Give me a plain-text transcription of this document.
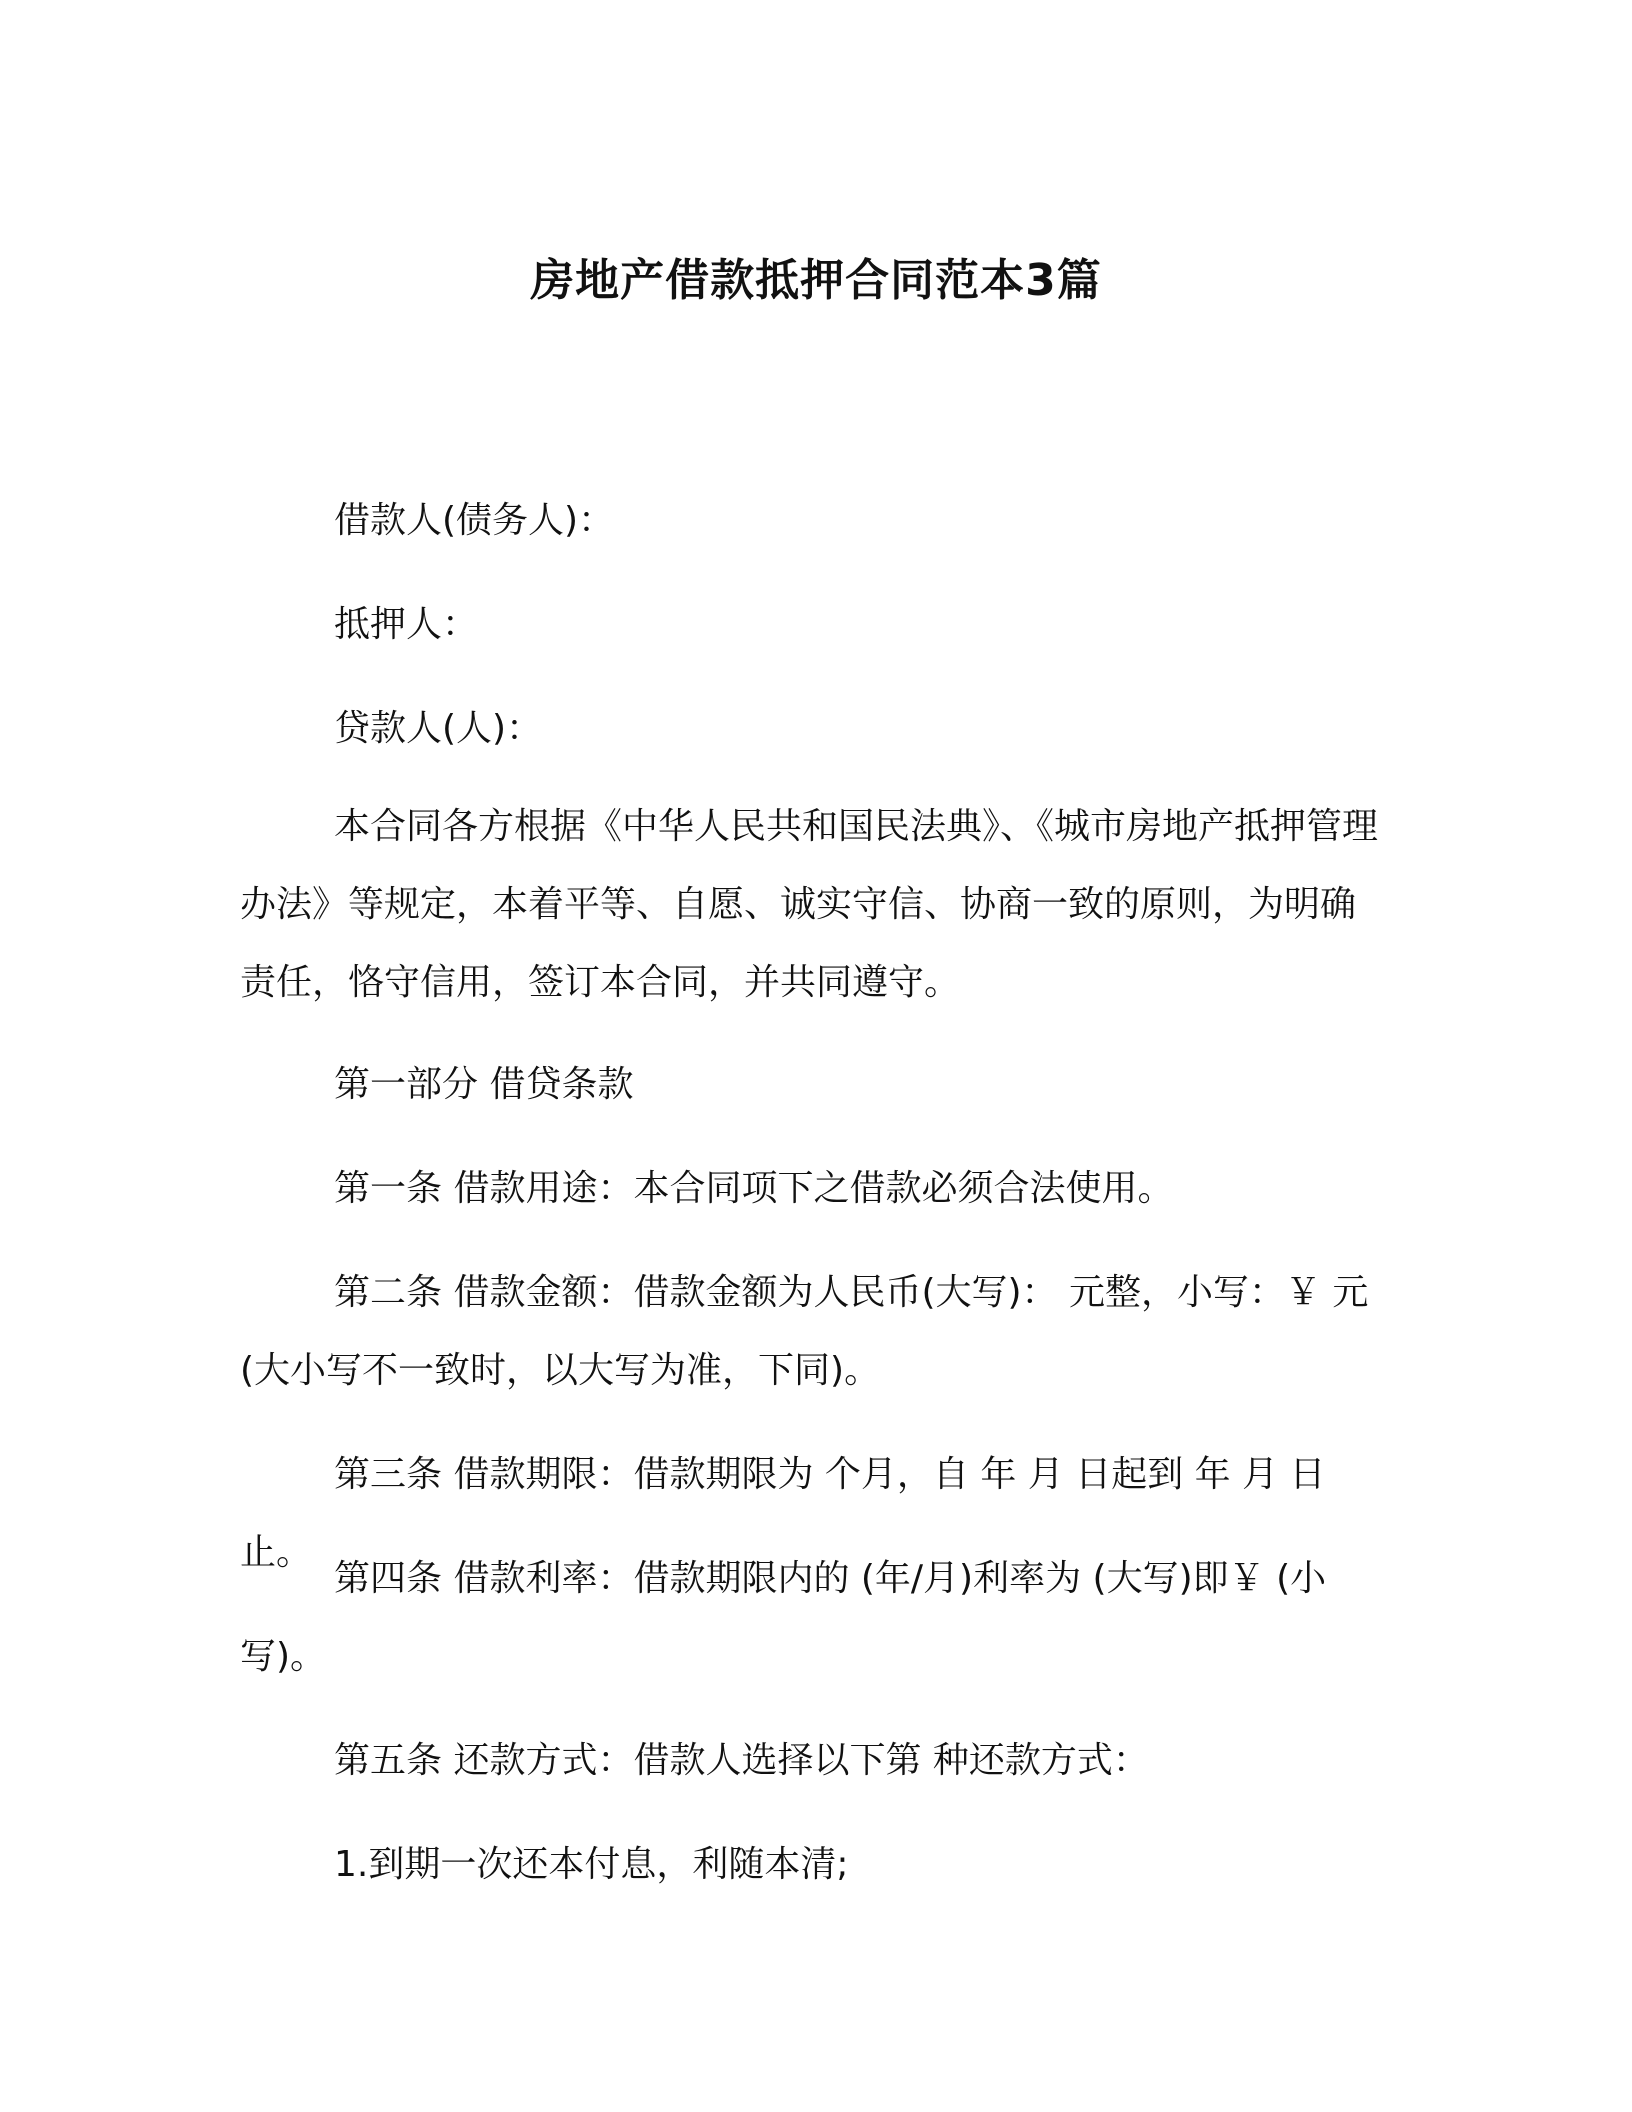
房地产借款抵押合同范本3篇

借款人(债务人)：

抵押人：

贷款人(人)：

本合同各方根据《中华人民共和国民法典》、《城市房地产抵押管理办法》等规定，本着平等、自愿、诚实守信、协商一致的原则，为明确责任，恪守信用，签订本合同，并共同遵守。

第一部分 借贷条款

第一条 借款用途：本合同项下之借款必须合法使用。

第二条 借款金额：借款金额为人民币(大写)： 元整，小写：￥ 元(大小写不一致时，以大写为准，下同)。

第三条 借款期限：借款期限为 个月，自 年 月 日起到 年 月 日止。

第四条 借款利率：借款期限内的 (年/月)利率为 (大写)即￥ (小写)。

第五条 还款方式：借款人选择以下第 种还款方式：

1.到期一次还本付息，利随本清;
